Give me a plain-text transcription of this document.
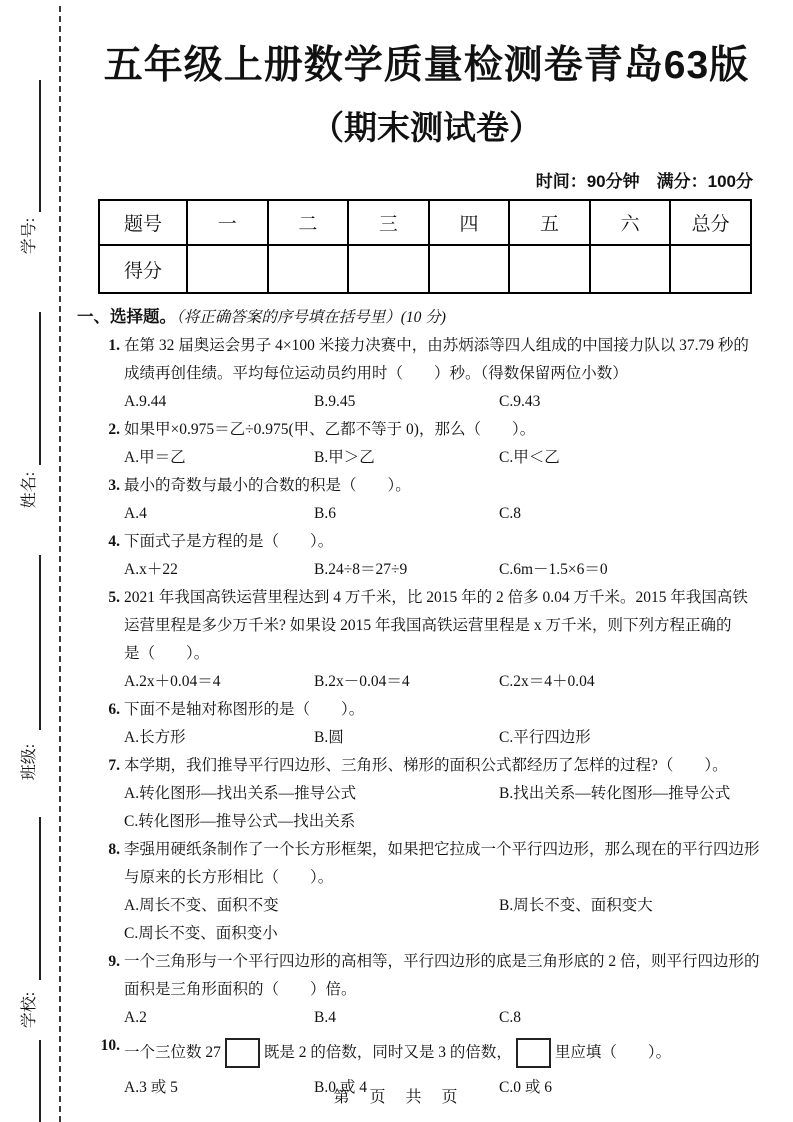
学号:
姓名:
班级:
学校:
五年级上册数学质量检测卷青岛63版
（期末测试卷）
时间：90分钟　满分：100分
题号	一	二	三	四	五	六	总分
得分							
一、选择题。（将正确答案的序号填在括号里）(10 分)
1. 在第 32 届奥运会男子 4×100 米接力决赛中，由苏炳添等四人组成的中国接力队以 37.79 秒的
成绩再创佳绩。平均每位运动员约用时（　　）秒。（得数保留两位小数）
A.9.44	B.9.45	C.9.43
2. 如果甲×0.975＝乙÷0.975(甲、乙都不等于 0)，那么（　　）。
A.甲＝乙	B.甲＞乙	C.甲＜乙
3. 最小的奇数与最小的合数的积是（　　）。
A.4	B.6	C.8
4. 下面式子是方程的是（　　）。
A.x＋22	B.24÷8＝27÷9	C.6m－1.5×6＝0
5. 2021 年我国高铁运营里程达到 4 万千米，比 2015 年的 2 倍多 0.04 万千米。2015 年我国高铁
运营里程是多少万千米? 如果设 2015 年我国高铁运营里程是 x 万千米，则下列方程正确的
是（　　）。
A.2x＋0.04＝4	B.2x－0.04＝4	C.2x＝4＋0.04
6. 下面不是轴对称图形的是（　　）。
A.长方形	B.圆	C.平行四边形
7. 本学期，我们推导平行四边形、三角形、梯形的面积公式都经历了怎样的过程?（　　）。
A.转化图形—找出关系—推导公式	B.找出关系—转化图形—推导公式
C.转化图形—推导公式—找出关系
8. 李强用硬纸条制作了一个长方形框架，如果把它拉成一个平行四边形，那么现在的平行四边形
与原来的长方形相比（　　）。
A.周长不变、面积不变	B.周长不变、面积变大
C.周长不变、面积变小
9. 一个三角形与一个平行四边形的高相等，平行四边形的底是三角形底的 2 倍，则平行四边形的
面积是三角形面积的（　　）倍。
A.2	B.4	C.8
10. 一个三位数 27	既是 2 的倍数，同时又是 3 的倍数，	里应填（　　）。
A.3 或 5	B.0 或 4	C.0 或 6
第　页　共　页
